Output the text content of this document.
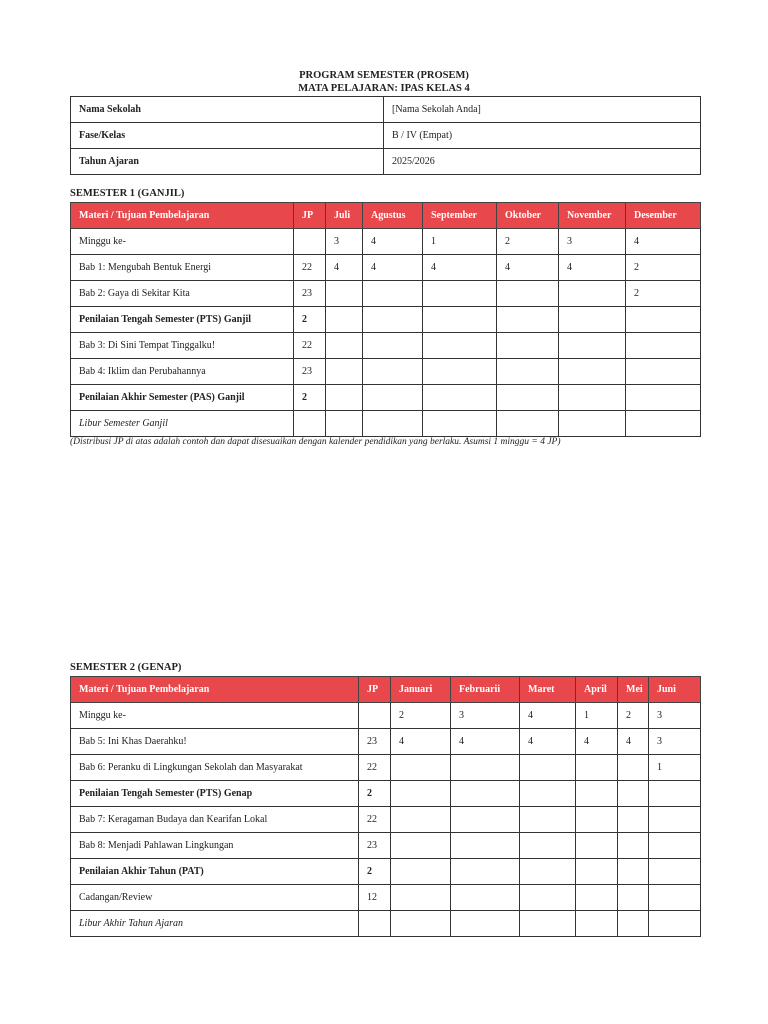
PROGRAM SEMESTER (PROSEM)
MATA PELAJARAN: IPAS KELAS 4
Nama Sekolah	[Nama Sekolah Anda]
Fase/Kelas	B / IV (Empat)
Tahun Ajaran	2025/2026
SEMESTER 1 (GANJIL)
Materi / Tujuan Pembelajaran	JP	Juli	Agustus	September	Oktober	November	Desember
Minggu ke-		3	4	1	2	3	4
Bab 1: Mengubah Bentuk Energi	22	4	4	4	4	4	2
Bab 2: Gaya di Sekitar Kita	23						2
Penilaian Tengah Semester (PTS) Ganjil	2						
Bab 3: Di Sini Tempat Tinggalku!	22						
Bab 4: Iklim dan Perubahannya	23						
Penilaian Akhir Semester (PAS) Ganjil	2						
Libur Semester Ganjil							
(Distribusi JP di atas adalah contoh dan dapat disesuaikan dengan kalender pendidikan yang berlaku. Asumsi 1 minggu = 4 JP)
SEMESTER 2 (GENAP)
Materi / Tujuan Pembelajaran	JP	Januari	Februarii	Maret	April	Mei	Juni
Minggu ke-		2	3	4	1	2	3
Bab 5: Ini Khas Daerahku!	23	4	4	4	4	4	3
Bab 6: Peranku di Lingkungan Sekolah dan Masyarakat	22						1
Penilaian Tengah Semester (PTS) Genap	2						
Bab 7: Keragaman Budaya dan Kearifan Lokal	22						
Bab 8: Menjadi Pahlawan Lingkungan	23						
Penilaian Akhir Tahun (PAT)	2						
Cadangan/Review	12						
Libur Akhir Tahun Ajaran							
